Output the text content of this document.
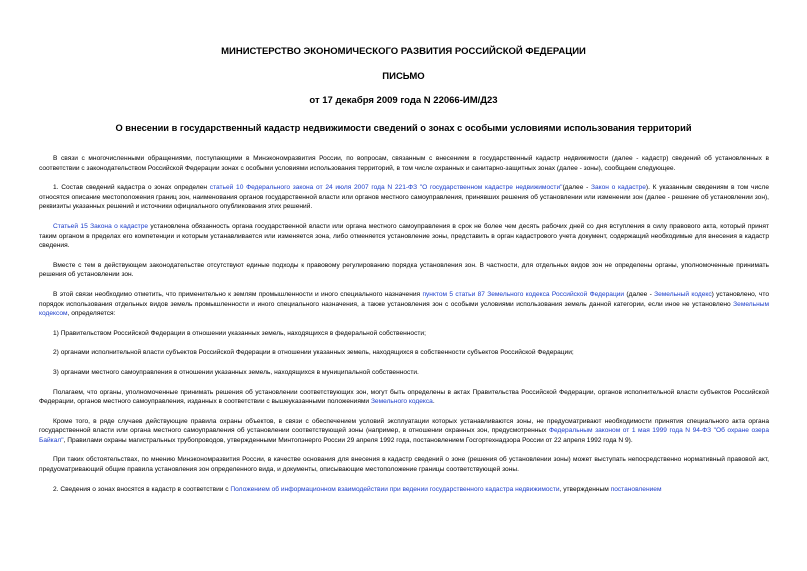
МИНИСТЕРСТВО ЭКОНОМИЧЕСКОГО РАЗВИТИЯ РОССИЙСКОЙ ФЕДЕРАЦИИ
ПИСЬМО
от 17 декабря 2009 года N 22066-ИМ/Д23
О внесении в государственный кадастр недвижимости сведений о зонах с особыми условиями использования территорий

В связи с многочисленными обращениями, поступающими в Минэкономразвития России, по вопросам, связанным с внесением в государственный кадастр недвижимости (далее - кадастр) сведений об установленных в соответствии с законодательством Российской Федерации зонах с особыми условиями использования территорий, в том числе охранных и санитарно-защитных зонах (далее - зоны), сообщаем следующее.

1. Состав сведений кадастра о зонах определен статьей 10 Федерального закона от 24 июля 2007 года N 221-ФЗ "О государственном кадастре недвижимости"(далее - Закон о кадастре). К указанным сведениям в том числе относятся описание местоположения границ зон, наименования органов государственной власти или органов местного самоуправления, принявших решения об установлении или изменении зон (далее - решение об установлении зон), реквизиты указанных решений и источники официального опубликования этих решений.

Статьей 15 Закона о кадастре установлена обязанность органа государственной власти или органа местного самоуправления в срок не более чем десять рабочих дней со дня вступления в силу правового акта, который принят таким органом в пределах его компетенции и которым устанавливается или изменяется зона, либо отменяется установление зоны, представить в орган кадастрового учета документ, содержащий необходимые для внесения в кадастр сведения.

Вместе с тем в действующем законодательстве отсутствуют единые подходы к правовому регулированию порядка установления зон. В частности, для отдельных видов зон не определены органы, уполномоченные принимать решения об установлении зон.

В этой связи необходимо отметить, что применительно к землям промышленности и иного специального назначения пунктом 5 статьи 87 Земельного кодекса Российской Федерации (далее - Земельный кодекс) установлено, что порядок использования отдельных видов земель промышленности и иного специального назначения, а также установления зон с особыми условиями использования земель данной категории, если иное не установлено Земельным кодексом, определяется:

1) Правительством Российской Федерации в отношении указанных земель, находящихся в федеральной собственности;

2) органами исполнительной власти субъектов Российской Федерации в отношении указанных земель, находящихся в собственности субъектов Российской Федерации;

3) органами местного самоуправления в отношении указанных земель, находящихся в муниципальной собственности.

Полагаем, что органы, уполномоченные принимать решения об установлении соответствующих зон, могут быть определены в актах Правительства Российской Федерации, органов исполнительной власти субъектов Российской Федерации, органов местного самоуправления, изданных в соответствии с вышеуказанными положениями Земельного кодекса.

Кроме того, в ряде случаев действующие правила охраны объектов, в связи с обеспечением условий эксплуатации которых устанавливаются зоны, не предусматривают необходимости принятия специального акта органа государственной власти или органа местного самоуправления об установлении соответствующей зоны (например, в отношении охранных зон, предусмотренных Федеральным законом от 1 мая 1999 года N 94-ФЗ "Об охране озера Байкал", Правилами охраны магистральных трубопроводов, утвержденными Минтопэнерго России 29 апреля 1992 года, постановлением Госгортехнадзора России от 22 апреля 1992 года N 9).

При таких обстоятельствах, по мнению Минэкономразвития России, в качестве основания для внесения в кадастр сведений о зоне (решения об установлении зоны) может выступать непосредственно нормативный правовой акт, предусматривающий общие правила установления зон определенного вида, и документы, описывающие местоположение границы соответствующей зоны.

2. Сведения о зонах вносятся в кадастр в соответствии с Положением об информационном взаимодействии при ведении государственного кадастра недвижимости, утвержденным постановлением
